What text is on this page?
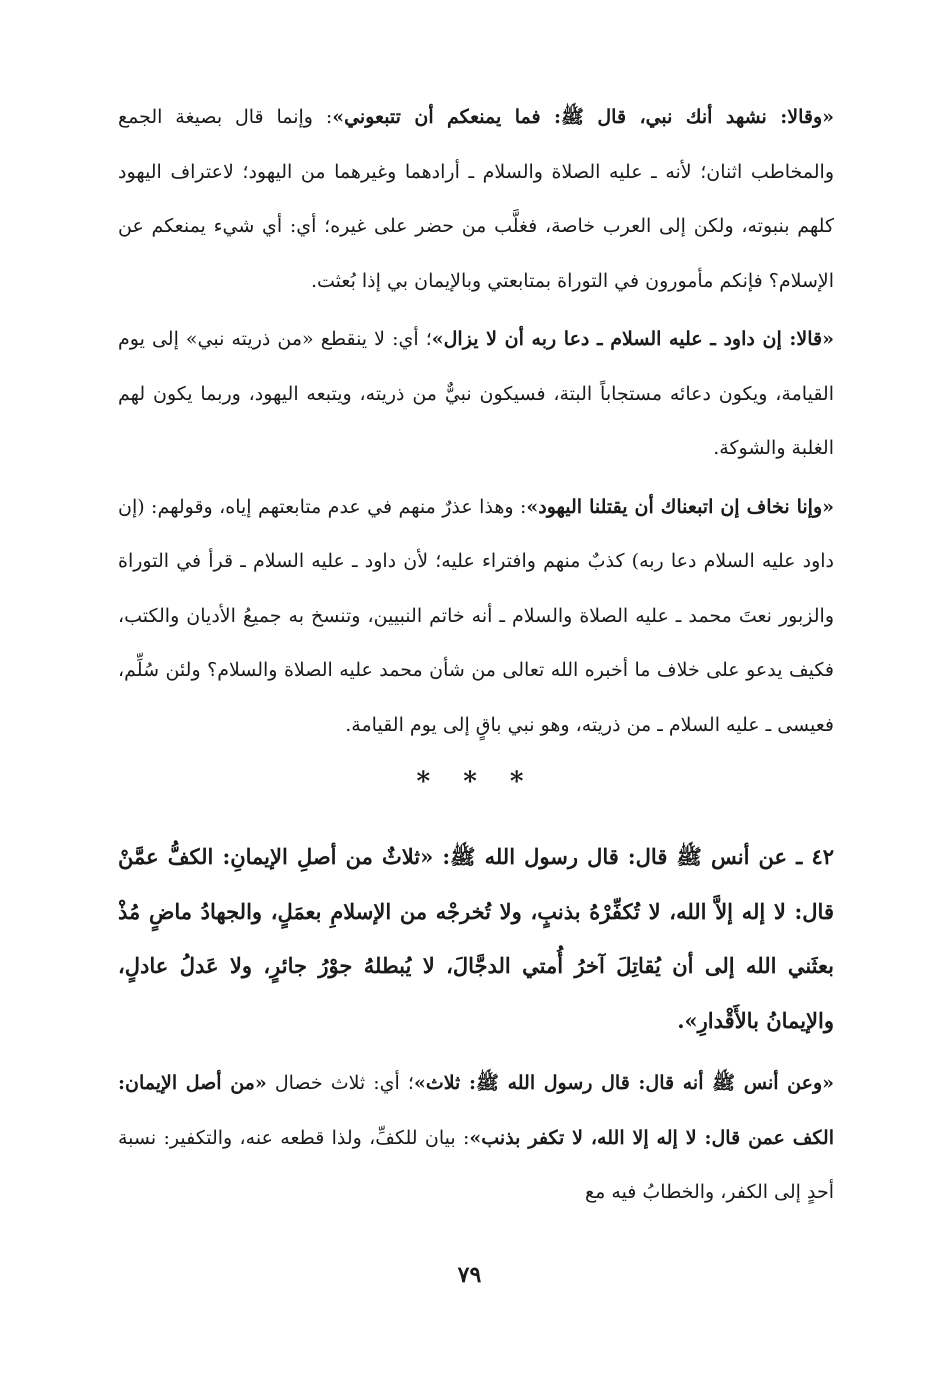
«وقالا: نشهد أنك نبي، قال ﷺ: فما يمنعكم أن تتبعوني»: وإنما قال بصيغة الجمع والمخاطب اثنان؛ لأنه ـ عليه الصلاة والسلام ـ أرادهما وغيرهما من اليهود؛ لاعتراف اليهود كلهم بنبوته، ولكن إلى العرب خاصة، فغلَّب من حضر على غيره؛ أي: أي شيء يمنعكم عن الإسلام؟ فإنكم مأمورون في التوراة بمتابعتي وبالإيمان بي إذا بُعثت.

«قالا: إن داود ـ عليه السلام ـ دعا ربه أن لا يزال»؛ أي: لا ينقطع «من ذريته نبي» إلى يوم القيامة، ويكون دعائه مستجاباً البتة، فسيكون نبيٌّ من ذريته، ويتبعه اليهود، وربما يكون لهم الغلبة والشوكة.

«وإنا نخاف إن اتبعناك أن يقتلنا اليهود»: وهذا عذرٌ منهم في عدم متابعتهم إياه، وقولهم: (إن داود عليه السلام دعا ربه) كذبٌ منهم وافتراء عليه؛ لأن داود ـ عليه السلام ـ قرأ في التوراة والزبور نعتَ محمد ـ عليه الصلاة والسلام ـ أنه خاتم النبيين، وتنسخ به جميعُ الأديان والكتب، فكيف يدعو على خلاف ما أخبره الله تعالى من شأن محمد عليه الصلاة والسلام؟ ولئن سُلِّم، فعيسى ـ عليه السلام ـ من ذريته، وهو نبي باقٍ إلى يوم القيامة.

* * *

٤٢ ـ عن أنس ﷺ قال: قال رسول الله ﷺ: «ثلاثٌ من أصلِ الإيمانِ: الكفُّ عمَّنْ قال: لا إله إلاَّ الله، لا تُكفِّرْهُ بذنبٍ، ولا تُخرجْه من الإسلامِ بعمَلٍ، والجهادُ ماضٍ مُذْ بعثَني الله إلى أن يُقاتِلَ آخرُ أُمتي الدجَّالَ، لا يُبطلهُ جوْرُ جائرٍ، ولا عَدلُ عادلٍ، والإيمانُ بالأَقْدارِ».

«وعن أنس ﷺ أنه قال: قال رسول الله ﷺ: ثلاث»؛ أي: ثلاث خصال «من أصل الإيمان: الكف عمن قال: لا إله إلا الله، لا تكفر بذنب»: بيان للكفِّ، ولذا قطعه عنه، والتكفير: نسبة أحدٍ إلى الكفر، والخطابُ فيه مع

٧٩
